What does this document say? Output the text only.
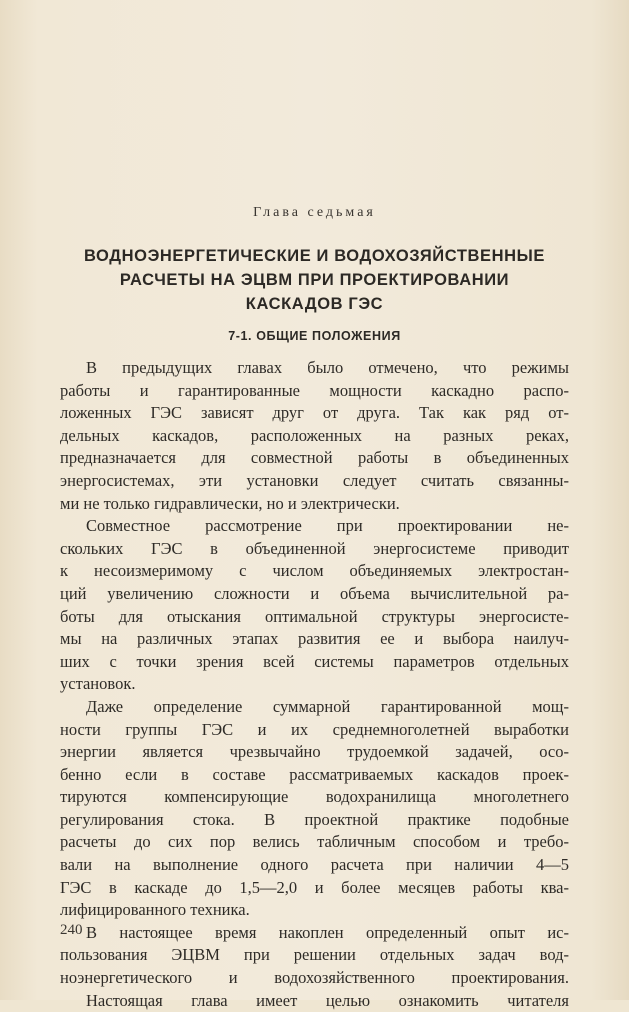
Глава седьмая
ВОДНОЭНЕРГЕТИЧЕСКИЕ И ВОДОХОЗЯЙСТВЕННЫЕ
РАСЧЕТЫ НА ЭЦВМ ПРИ ПРОЕКТИРОВАНИИ
КАСКАДОВ ГЭС
7-1. ОБЩИЕ ПОЛОЖЕНИЯ
В предыдущих главах было отмечено, что режимы
работы и гарантированные мощности каскадно распо-
ложенных ГЭС зависят друг от друга. Так как ряд от-
дельных каскадов, расположенных на разных реках,
предназначается для совместной работы в объединенных
энергосистемах, эти установки следует считать связанны-
ми не только гидравлически, но и электрически.
Совместное рассмотрение при проектировании не-
скольких ГЭС в объединенной энергосистеме приводит
к несоизмеримому с числом объединяемых электростан-
ций увеличению сложности и объема вычислительной ра-
боты для отыскания оптимальной структуры энергосисте-
мы на различных этапах развития ее и выбора наилуч-
ших с точки зрения всей системы параметров отдельных
установок.
Даже определение суммарной гарантированной мощ-
ности группы ГЭС и их среднемноголетней выработки
энергии является чрезвычайно трудоемкой задачей, осо-
бенно если в составе рассматриваемых каскадов проек-
тируются компенсирующие водохранилища многолетнего
регулирования стока. В проектной практике подобные
расчеты до сих пор велись табличным способом и требо-
вали на выполнение одного расчета при наличии 4—5
ГЭС в каскаде до 1,5—2,0 и более месяцев работы ква-
лифицированного техника.
В настоящее время накоплен определенный опыт ис-
пользования ЭЦВМ при решении отдельных задач вод-
ноэнергетического и водохозяйственного проектирования.
Настоящая глава имеет целью ознакомить читателя
240
